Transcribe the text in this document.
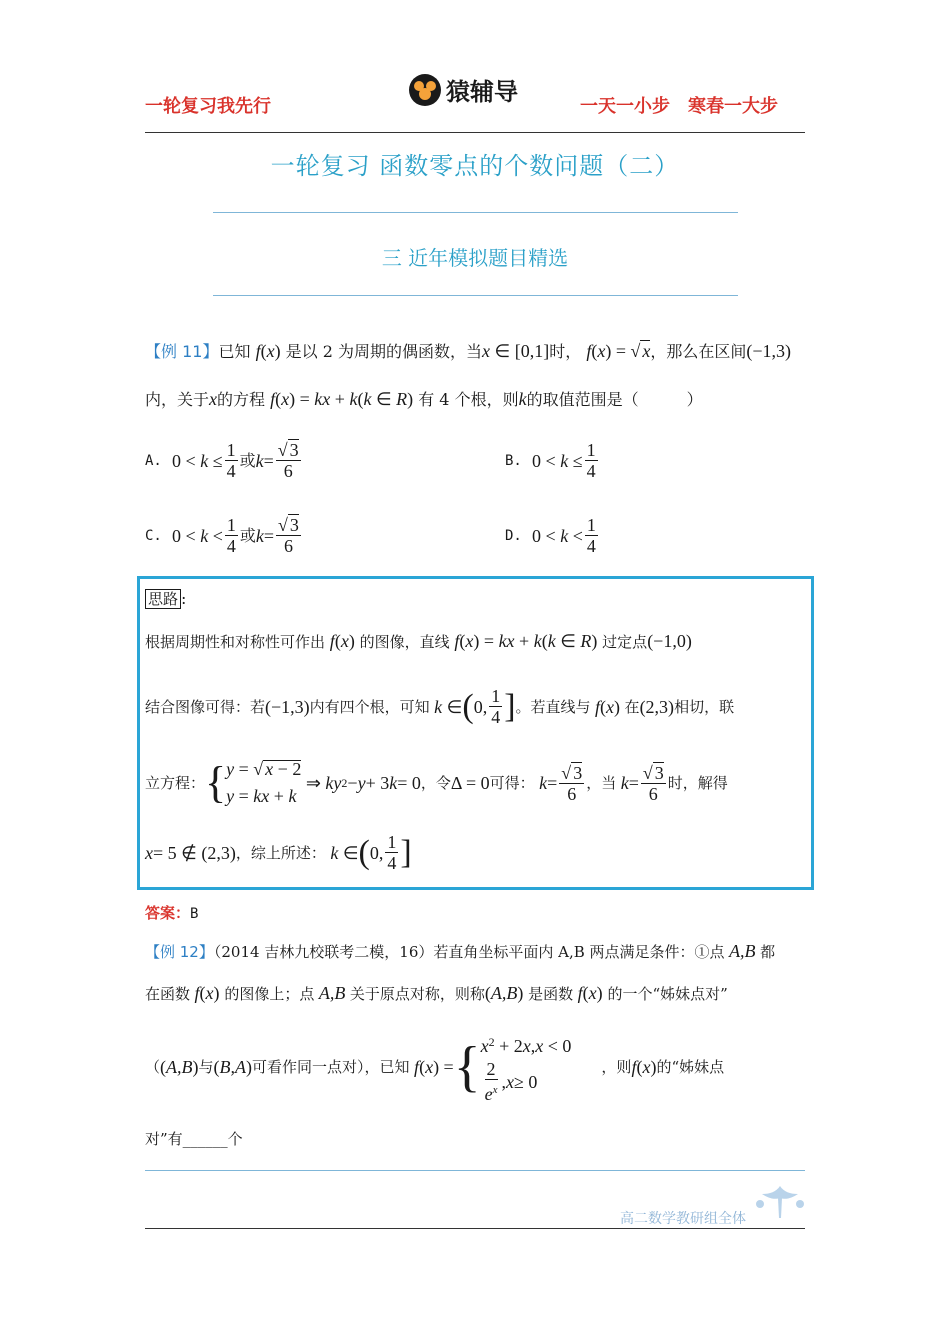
一轮复习我先行
猿辅导
一天一小步　寒春一大步
一轮复习 函数零点的个数问题（二）
三 近年模拟题目精选
【例 11】已知 f(x) 是以 2 为周期的偶函数，当x ∈ [0,1]时， f(x) = √ x，那么在区间(−1,3)
内，关于x的方程 f(x) = kx + k(k ∈ R) 有 4 个根，则k的取值范围是（　　　）
A.
$0 < k \le \frac{1}{4}$ 或 $k = \frac{√ 3}{6}$	B.
$0 < k \le \frac{1}{4}$
C.
$0 < k < \frac{1}{4}$ 或 $k = \frac{√ 3}{6}$	D.
$0 < k < \frac{1}{4}$
思路 :
根据周期性和对称性可作出 f(x) 的图像，直线 f(x) = kx + k(k ∈ R) 过定点(−1,0)
结合图像可得：若 (−1,3) 内有四个根，可知 k ∈ ( 0, $\frac{1}{4}$ ] 。若直线与 f ( x ) 在 (2,3) 相切，联
立方程： { y = √ x − 2
y = kx + k
⇒ ky 2 − y + 3 k = 0 ，令 Δ = 0 可得： $k = \frac{√ 3}{6}$ ，当 $k = \frac{√ 3}{6}$ 时，解得
x = 5 ∉ (2,3) ，综上所述： k ∈ ( 0, $\frac{1}{4}$ ]
答案：B
【例 12】（2014 吉林九校联考二模，16）若直角坐标平面内 A,B 两点满足条件：①点 A,B 都
在函数 f(x) 的图像上；点 A,B 关于原点对称，则称(A,B) 是函数 f(x) 的一个“姊妹点对”
（ ( A,B ) 与 ( B,A ) 可看作同一点对），已知 f ( x ) = { $x^2 + 2x,x < 0$
$\frac{2}{e^x}$ , x ≥ 0
，则 f ( x ) 的“姊妹点
对”有______个
高二数学教研组全体
